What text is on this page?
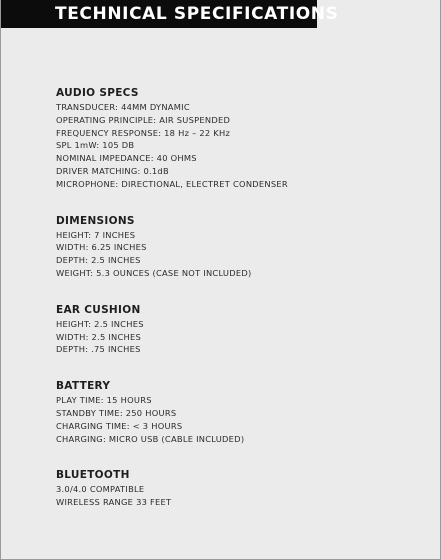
TECHNICAL SPECIFICATIONS
AUDIO SPECS
TRANSDUCER: 44MM DYNAMIC
OPERATING PRINCIPLE: AIR SUSPENDED
FREQUENCY RESPONSE: 18 Hz – 22 KHz
SPL 1mW: 105 DB
NOMINAL IMPEDANCE: 40 OHMS
DRIVER MATCHING: 0.1dB
MICROPHONE: DIRECTIONAL, ELECTRET CONDENSER
DIMENSIONS
HEIGHT: 7 INCHES
WIDTH: 6.25 INCHES
DEPTH: 2.5 INCHES
WEIGHT: 5.3 OUNCES (CASE NOT INCLUDED)
EAR CUSHION
HEIGHT: 2.5 INCHES
WIDTH: 2.5 INCHES
DEPTH: .75 INCHES
BATTERY
PLAY TIME: 15 HOURS
STANDBY TIME: 250 HOURS
CHARGING TIME: < 3 HOURS
CHARGING: MICRO USB (CABLE INCLUDED)
BLUETOOTH
3.0/4.0 COMPATIBLE
WIRELESS RANGE 33 FEET
